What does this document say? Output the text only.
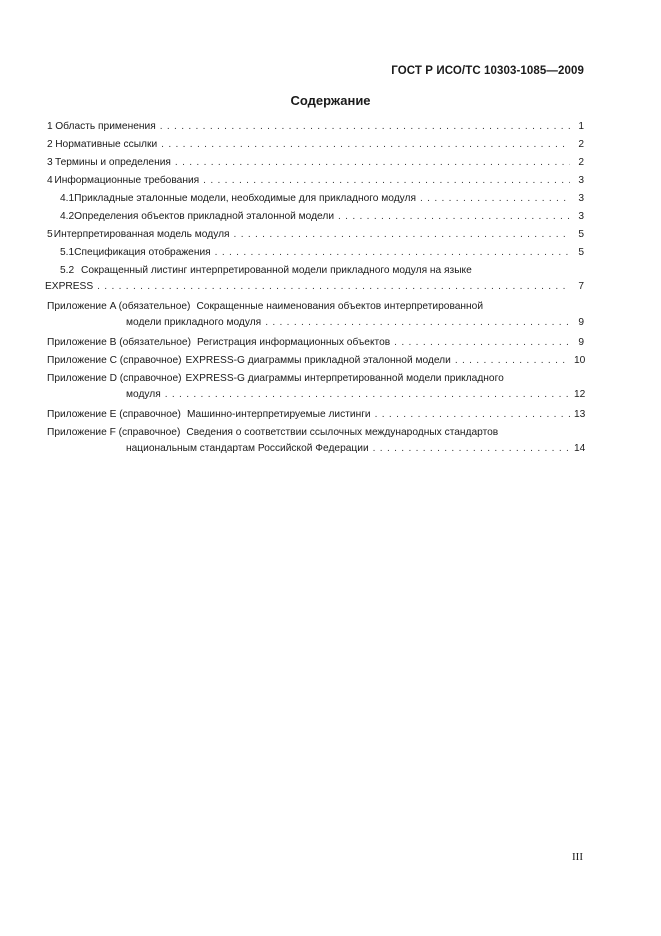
ГОСТ Р ИСО/ТС 10303-1085—2009
Содержание
1 Область применения . . .	1
2 Нормативные ссылки . . .	2
3 Термины и определения . . .	2
4 Информационные требования . . .	3
4.1 Прикладные эталонные модели, необходимые для прикладного модуля . . .	3
4.2 Определения объектов прикладной эталонной модели . . .	3
5 Интерпретированная модель модуля . . .	5
5.1 Спецификация отображения . . .	5
5.2 Сокращенный листинг интерпретированной модели прикладного модуля на языке
EXPRESS . . .	7
Приложение A (обязательное) Сокращенные наименования объектов интерпретированной
модели прикладного модуля . . .	9
Приложение B (обязательное) Регистрация информационных объектов . . .	9
Приложение C (справочное) EXPRESS-G диаграммы прикладной эталонной модели . . .	10
Приложение D (справочное) EXPRESS-G диаграммы интерпретированной модели прикладного
модуля . . .	12
Приложение E (справочное) Машинно-интерпретируемые листинги . . .	13
Приложение F (справочное) Сведения о соответствии ссылочных международных стандартов
национальным стандартам Российской Федерации . . .	14
III
